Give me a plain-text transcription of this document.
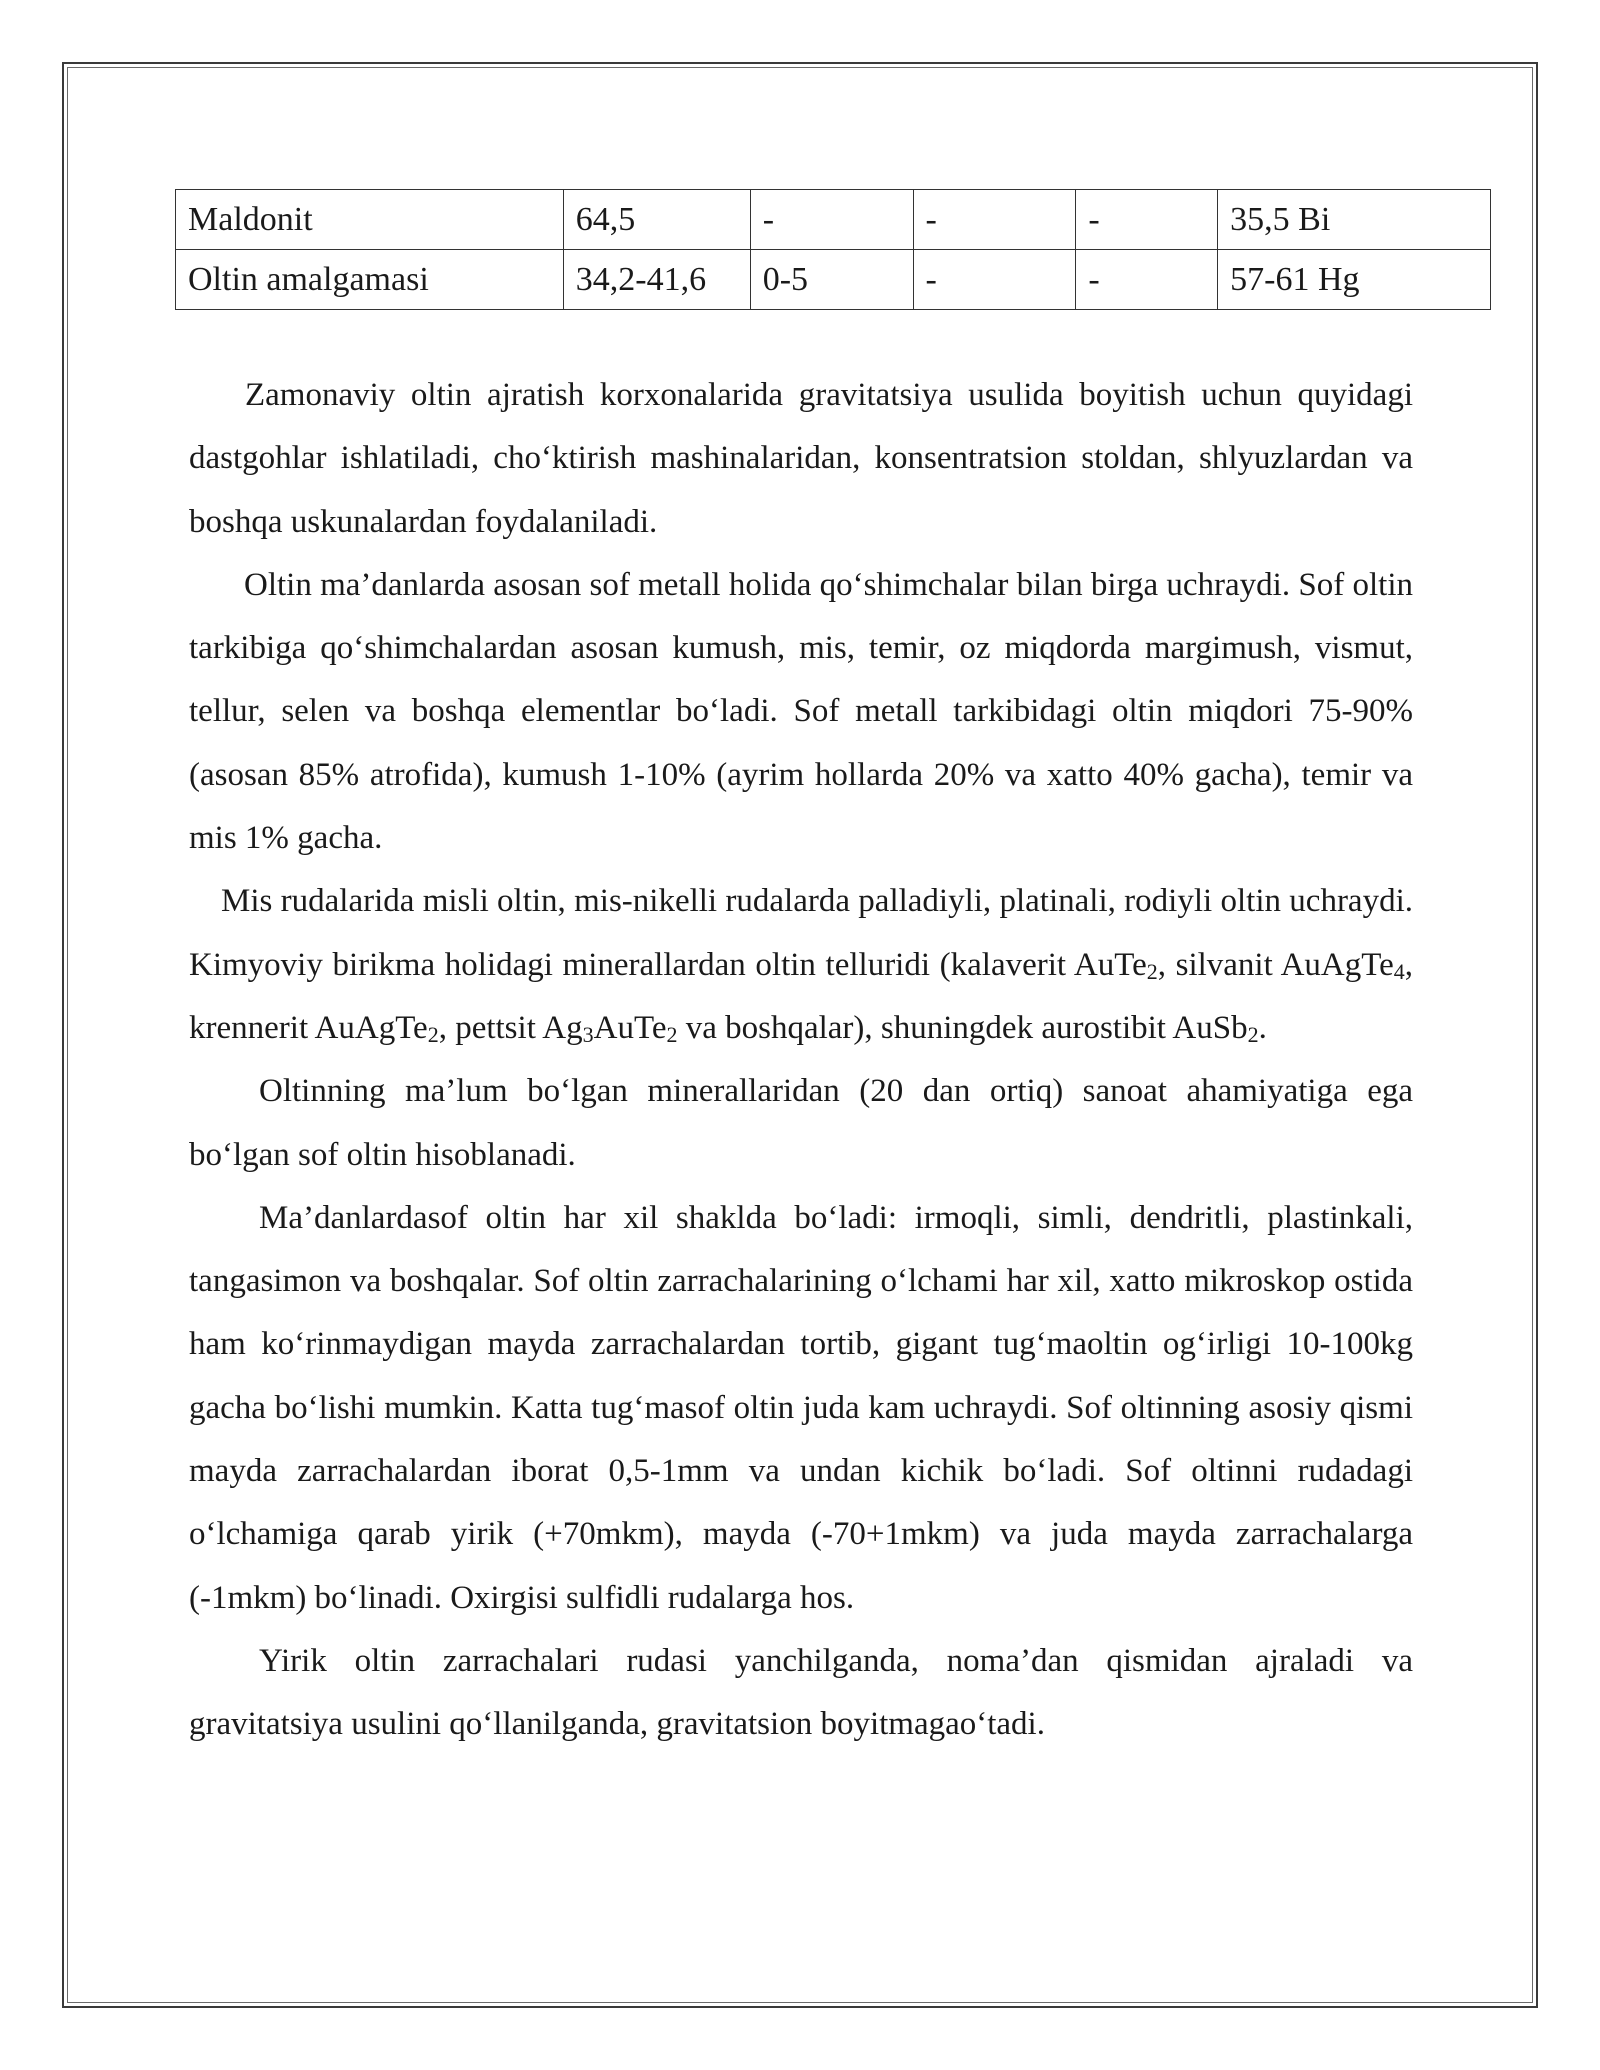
Maldonit	64,5	-	-	-	35,5 Bi
Oltin amalgamasi	34,2-41,6	0-5	-	-	57-61 Hg

Zamonaviy oltin ajratish korxonalarida gravitatsiya usulida boyitish uchun quyidagi dastgohlar ishlatiladi, cho‘ktirish mashinalaridan, konsentratsion stoldan, shlyuzlardan va boshqa uskunalardan foydalaniladi.

Oltin ma’danlarda asosan sof metall holida qo‘shimchalar bilan birga uchraydi. Sof oltin tarkibiga qo‘shimchalardan asosan kumush, mis, temir, oz miqdorda margimush, vismut, tellur, selen va boshqa elementlar bo‘ladi. Sof metall tarkibidagi oltin miqdori 75-90% (asosan 85% atrofida), kumush 1-10% (ayrim hollarda 20% va xatto 40% gacha), temir va mis 1% gacha.

Mis rudalarida misli oltin, mis-nikelli rudalarda palladiyli, platinali, rodiyli oltin uchraydi. Kimyoviy birikma holidagi minerallardan oltin telluridi (kalaverit AuTe$_2$, silvanit AuAgTe$_4$, krennerit AuAgTe$_2$, pettsit $Ag_3AuTe_2$ va boshqalar), shuningdek aurostibit AuSb$_2$.

Oltinning ma’lum bo‘lgan minerallaridan (20 dan ortiq) sanoat ahamiyatiga ega bo‘lgan sof oltin hisoblanadi.

Ma’danlardasof oltin har xil shakldа bo‘ladi: irmoqli, simli, dendritli, plastinkali, tangasimon va boshqalar. Sof oltin zarrachalarining o‘lchami har xil, xatto mikroskop ostida ham ko‘rinmaydigan mayda zarrachalardan tortib, gigant tug‘maoltin og‘irligi 10-100kg gacha bo‘lishi mumkin. Katta tug‘masof oltin juda kam uchraydi. Sof oltinning asosiy qismi mayda zarrachalardan iborat 0,5-1mm va undan kichik bo‘ladi. Sof oltinni rudadagi o‘lchamiga qarab yirik (+70mkm), mayda (-70+1mkm) va juda mayda zarrachalarga (-1mkm) bo‘linadi. Oxirgisi sulfidli rudalarga hos.

Yirik oltin zarrachalari rudasi yanchilganda, noma’dan qismidan ajraladi va gravitatsiya usulini qo‘llanilganda, gravitatsion boyitmagao‘tadi.
